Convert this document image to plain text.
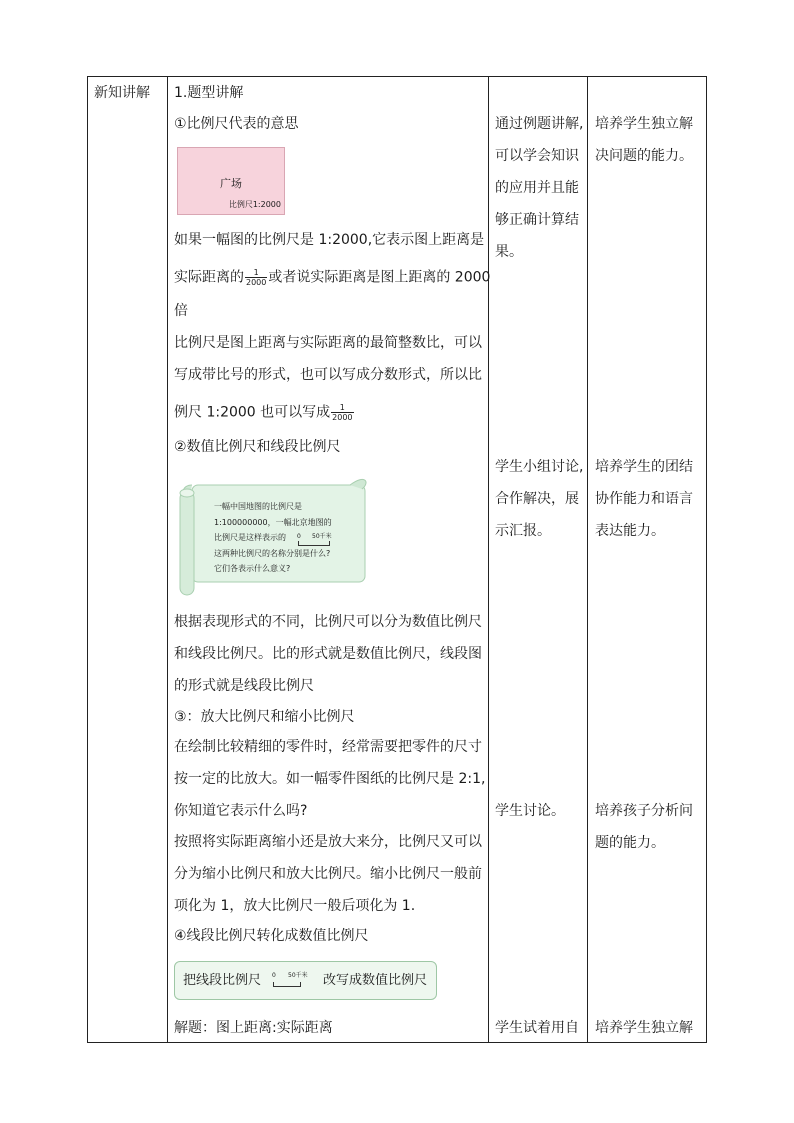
新知讲解 1.题型讲解
①比例尺代表的意思
广场
比例尺1:2000
如果一幅图的比例尺是 1:2000,它表示图上距离是
实际距离的 $\frac{1}{2000}$ 或者说实际距离是图上距离的 2000
倍
比例尺是图上距离与实际距离的最简整数比，可以
写成带比号的形式，也可以写成分数形式，所以比
例尺 1:2000 也可以写成 $\frac{1}{2000}$
②数值比例尺和线段比例尺
一幅中国地图的比例尺是
1:100000000，一幅北京地图的
比例尺是这样表示的
这两种比例尺的名称分别是什么?
它们各表示什么意义?
0 50千米
根据表现形式的不同，比例尺可以分为数值比例尺
和线段比例尺。比的形式就是数值比例尺，线段图
的形式就是线段比例尺
③：放大比例尺和缩小比例尺
在绘制比较精细的零件时，经常需要把零件的尺寸
按一定的比放大。如一幅零件图纸的比例尺是 2:1,
你知道它表示什么吗?
按照将实际距离缩小还是放大来分，比例尺又可以
分为缩小比例尺和放大比例尺。缩小比例尺一般前
项化为 1，放大比例尺一般后项化为 1.
④线段比例尺转化成数值比例尺
把线段比例尺 0 50千米 改写成数值比例尺
解题：图上距离:实际距离
通过例题讲解,
可以学会知识
的应用并且能
够正确计算结
果。
学生小组讨论,
合作解决，展
示汇报。
学生讨论。
学生试着用自
培养学生独立解
决问题的能力。
培养学生的团结
协作能力和语言
表达能力。
培养孩子分析问
题的能力。
培养学生独立解
